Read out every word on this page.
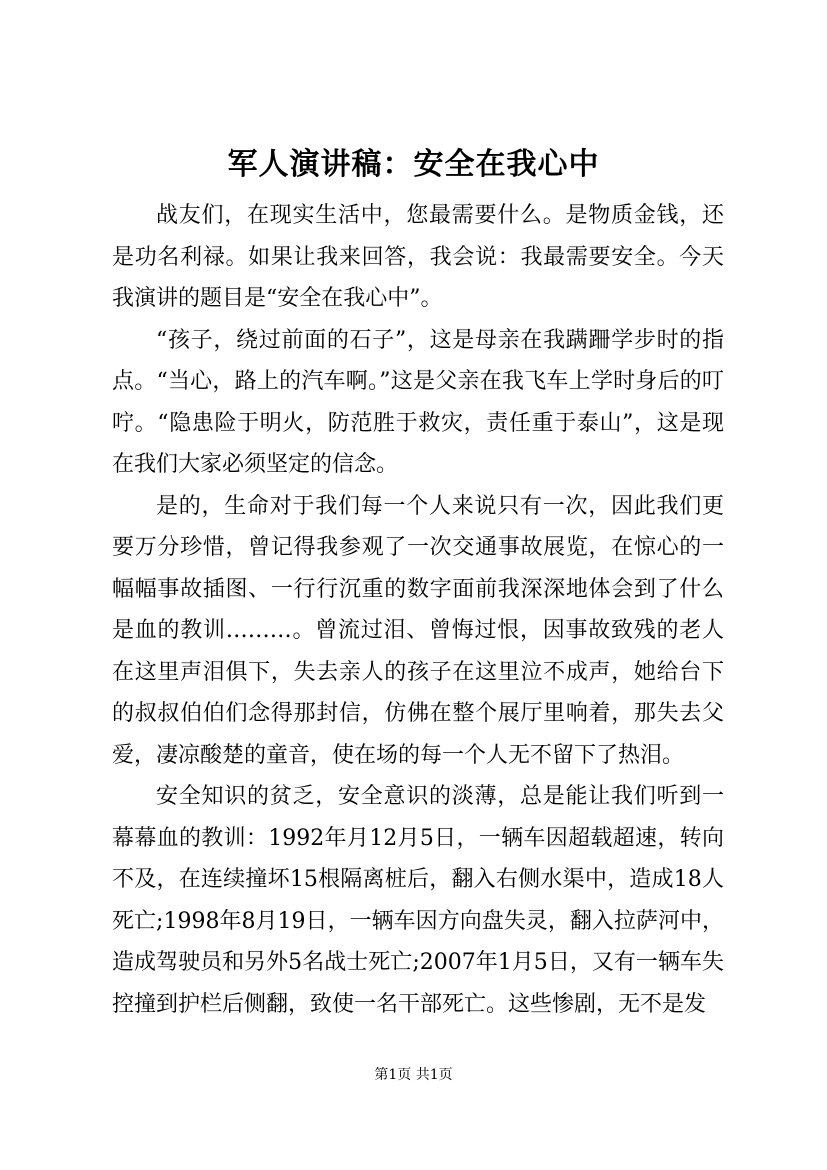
军人演讲稿：安全在我心中

战友们，在现实生活中，您最需要什么。是物质金钱，还是功名利禄。如果让我来回答，我会说：我最需要安全。今天我演讲的题目是“安全在我心中”。

“孩子，绕过前面的石子”，这是母亲在我蹒跚学步时的指点。“当心，路上的汽车啊。”这是父亲在我飞车上学时身后的叮咛。“隐患险于明火，防范胜于救灾，责任重于泰山”，这是现在我们大家必须坚定的信念。

是的，生命对于我们每一个人来说只有一次，因此我们更要万分珍惜，曾记得我参观了一次交通事故展览，在惊心的一幅幅事故插图、一行行沉重的数字面前我深深地体会到了什么是血的教训………。曾流过泪、曾悔过恨，因事故致残的老人在这里声泪俱下，失去亲人的孩子在这里泣不成声，她给台下的叔叔伯伯们念得那封信，仿佛在整个展厅里响着，那失去父爱，凄凉酸楚的童音，使在场的每一个人无不留下了热泪。

安全知识的贫乏，安全意识的淡薄，总是能让我们听到一幕幕血的教训：1992年月12月5日，一辆车因超载超速，转向不及，在连续撞坏15根隔离桩后，翻入右侧水渠中，造成18人死亡;1998年8月19日，一辆车因方向盘失灵，翻入拉萨河中，造成驾驶员和另外5名战士死亡;2007年1月5日，又有一辆车失控撞到护栏后侧翻，致使一名干部死亡。这些惨剧，无不是发

第1页 共1页
